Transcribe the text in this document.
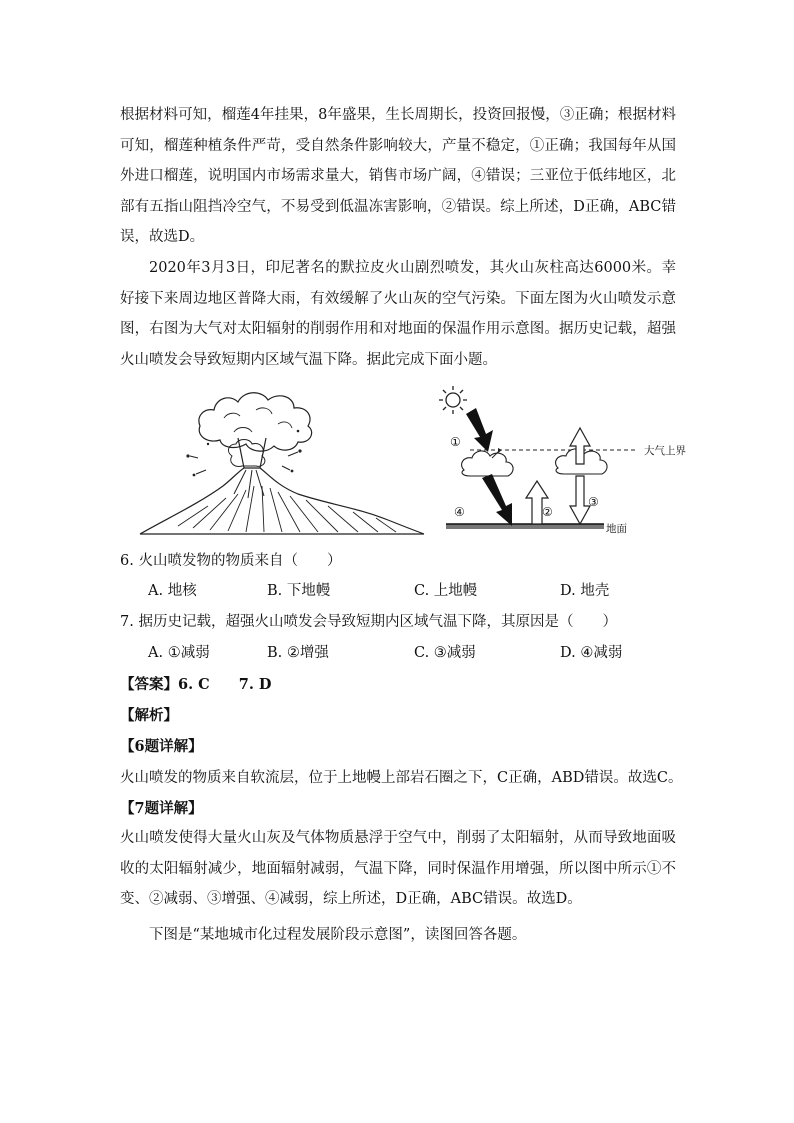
根据材料可知，榴莲4年挂果，8年盛果，生长周期长，投资回报慢，③正确；根据材料可知，榴莲种植条件严苛，受自然条件影响较大，产量不稳定，①正确；我国每年从国外进口榴莲，说明国内市场需求量大，销售市场广阔，④错误；三亚位于低纬地区，北部有五指山阻挡冷空气，不易受到低温冻害影响，②错误。综上所述，D正确，ABC错误，故选D。

2020年3月3日，印尼著名的默拉皮火山剧烈喷发，其火山灰柱高达6000米。幸好接下来周边地区普降大雨，有效缓解了火山灰的空气污染。下面左图为火山喷发示意图，右图为大气对太阳辐射的削弱作用和对地面的保温作用示意图。据历史记载，超强火山喷发会导致短期内区域气温下降。据此完成下面小题。

大气上界
地面
①
④	②
③
6. 火山喷发物的物质来自（　　）
A. 地核	B. 下地幔	C. 上地幔	D. 地壳
7. 据历史记载，超强火山喷发会导致短期内区域气温下降，其原因是（　　）
A. ①减弱	B. ②增强	C. ③减弱	D. ④减弱
【答案】6. C　　7. D
【解析】
【6题详解】
火山喷发的物质来自软流层，位于上地幔上部岩石圈之下，C正确，ABD错误。故选C。
【7题详解】

火山喷发使得大量火山灰及气体物质悬浮于空气中，削弱了太阳辐射，从而导致地面吸收的太阳辐射减少，地面辐射减弱，气温下降，同时保温作用增强，所以图中所示①不变、②减弱、③增强、④减弱，综上所述，D正确，ABC错误。故选D。

下图是“某地城市化过程发展阶段示意图”，读图回答各题。
